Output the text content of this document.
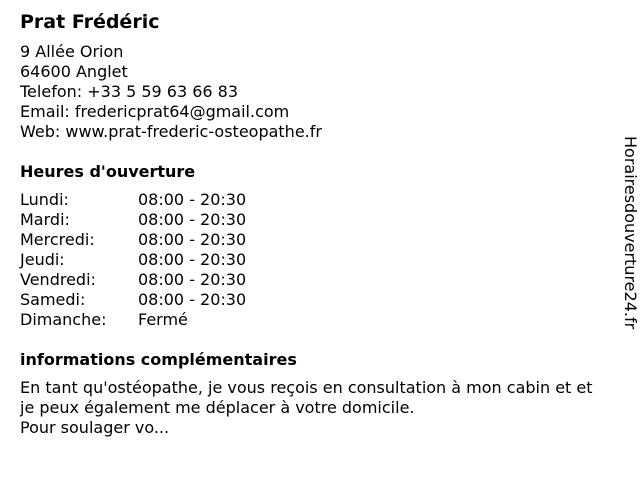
Prat Frédéric
9 Allée Orion
64600 Anglet
Telefon: +33 5 59 63 66 83
Email: fredericprat64@gmail.com
Web: www.prat-frederic-osteopathe.fr
Heures d'ouverture
Lundi:	08:00 - 20:30
Mardi:	08:00 - 20:30
Mercredi:	08:00 - 20:30
Jeudi:	08:00 - 20:30
Vendredi:	08:00 - 20:30
Samedi:	08:00 - 20:30
Dimanche:	Fermé
informations complémentaires
En tant qu'ostéopathe, je vous reçois en consultation à mon cabin et et je peux également me déplacer à votre domicile.
Pour soulager vo...
Horairesdouverture24.fr
